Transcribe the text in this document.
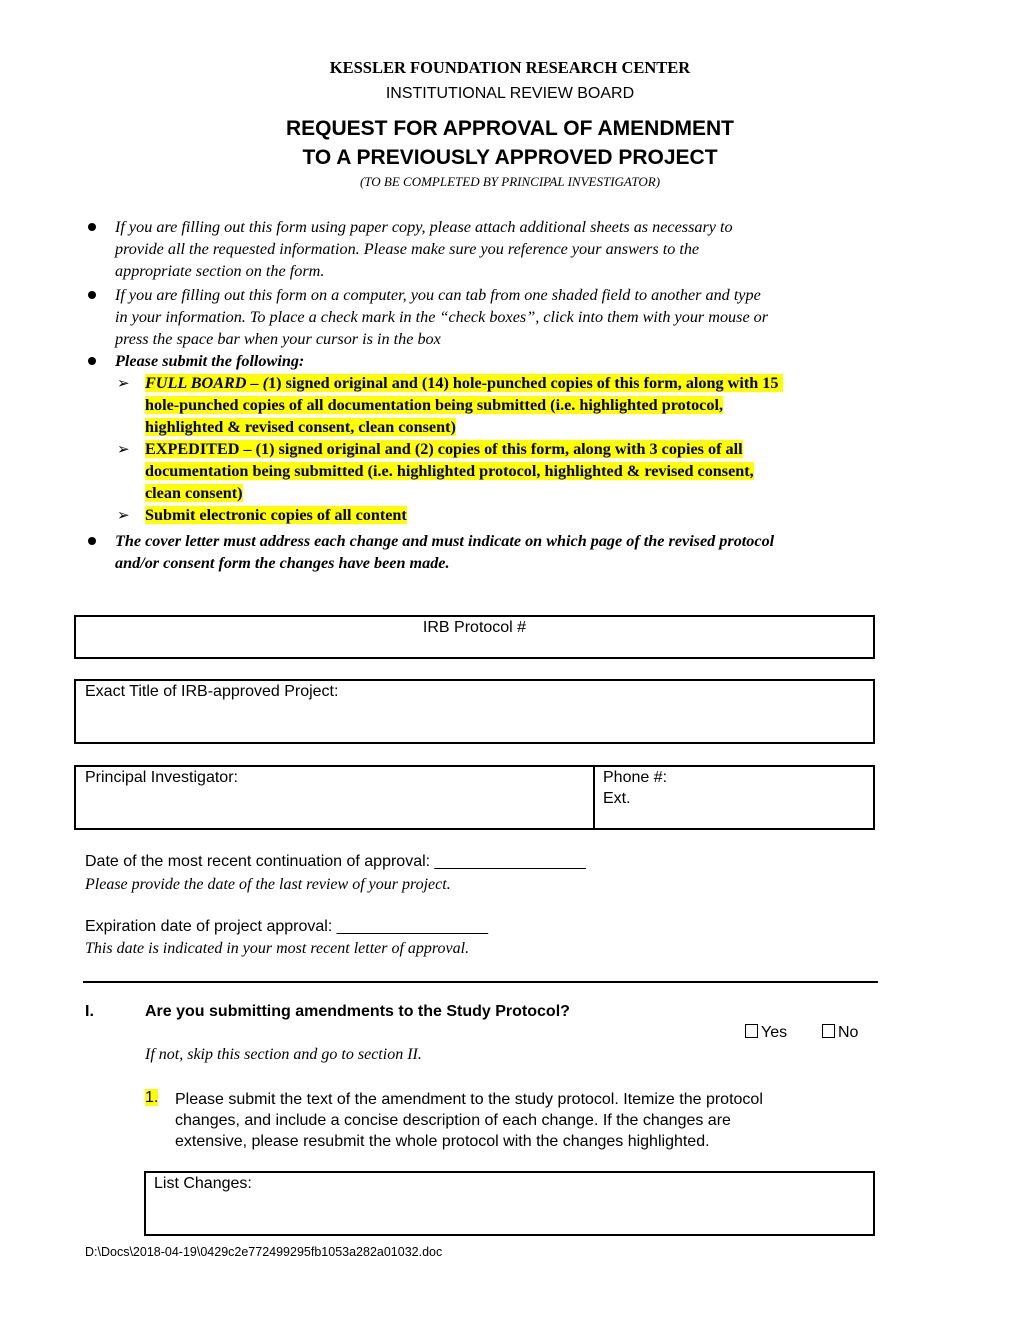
KESSLER FOUNDATION RESEARCH CENTER
INSTITUTIONAL REVIEW BOARD
REQUEST FOR APPROVAL OF AMENDMENT
TO A PREVIOUSLY APPROVED PROJECT
(TO BE COMPLETED BY PRINCIPAL INVESTIGATOR)
If you are filling out this form using paper copy, please attach additional sheets as necessary to
provide all the requested information. Please make sure you reference your answers to the
appropriate section on the form.
If you are filling out this form on a computer, you can tab from one shaded field to another and type
in your information. To place a check mark in the “check boxes”, click into them with your mouse or
press the space bar when your cursor is in the box
Please submit the following:
➢ FULL BOARD – (1) signed original and (14) hole-punched copies of this form, along with 15
hole-punched copies of all documentation being submitted (i.e. highlighted protocol,
highlighted & revised consent, clean consent)
➢ EXPEDITED – (1) signed original and (2) copies of this form, along with 3 copies of all
documentation being submitted (i.e. highlighted protocol, highlighted & revised consent,
clean consent)
➢ Submit electronic copies of all content
The cover letter must address each change and must indicate on which page of the revised protocol
and/or consent form the changes have been made.
IRB Protocol #
Exact Title of IRB-approved Project:
Principal Investigator:	Phone #:
Ext.
Date of the most recent continuation of approval: _________________
Please provide the date of the last review of your project.
Expiration date of project approval: _________________
This date is indicated in your most recent letter of approval.
I.	Are you submitting amendments to the Study Protocol?
Yes	No
If not, skip this section and go to section II.
1. Please submit the text of the amendment to the study protocol. Itemize the protocol
changes, and include a concise description of each change. If the changes are
extensive, please resubmit the whole protocol with the changes highlighted.
List Changes:
D:\Docs\2018-04-19\0429c2e772499295fb1053a282a01032.doc
